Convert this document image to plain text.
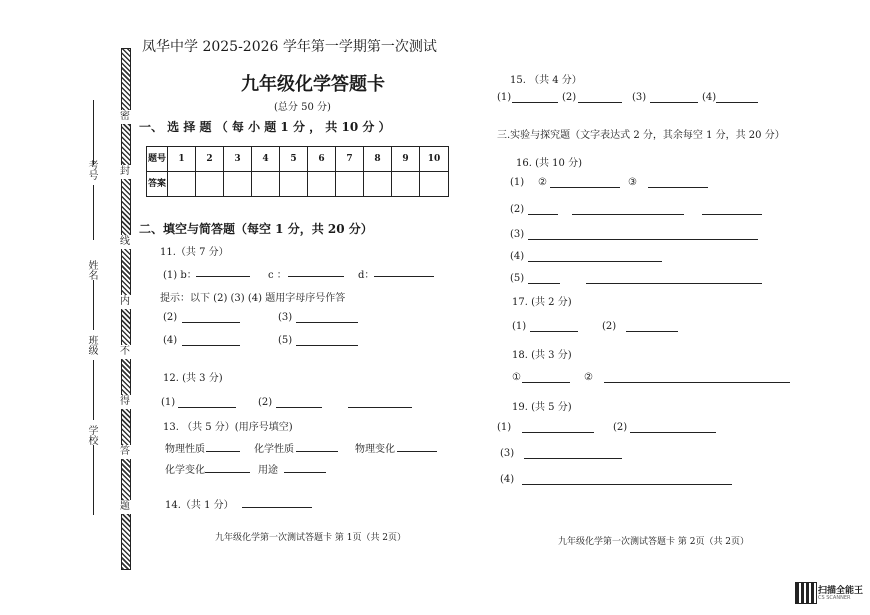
考号
姓名
班级
学校
密
封
线
内
不
得
答
题
凤华中学 2025-2026 学年第一学期第一次测试
九年级化学答题卡
(总分 50 分)
一、 选 择 题 （ 每 小 题 1 分 ， 共 10 分 ）
题号	1	2	3	4	5	6	7	8	9	10
答案										
二、填空与简答题（每空 1 分，共 20 分）
11.（共 7 分）
(1) b：	c ：	d：
提示：以下 (2) (3) (4) 题用字母序号作答
(2)	(3)
(4)	(5)
12. (共 3 分)
(1)	(2)
13. （共 5 分）(用序号填空)
物理性质	化学性质	物理变化
化学变化	用途
14.（共 1 分）
九年级化学第一次测试答题卡 第 1页（共 2页）
15. （共 4 分）
(1)	(2)	(3)	(4)
三.实验与探究题（文字表达式 2 分，其余每空 1 分，共 20 分）
16. (共 10 分)
(1) ②	③
(2)
(3)
(4)
(5)
17. (共 2 分)
(1)	(2)
18. (共 3 分)
①	②
19. (共 5 分)
(1)	(2)
(3)
(4)
九年级化学第一次测试答题卡 第 2页（共 2页）
扫描全能王
CS SCANNER
